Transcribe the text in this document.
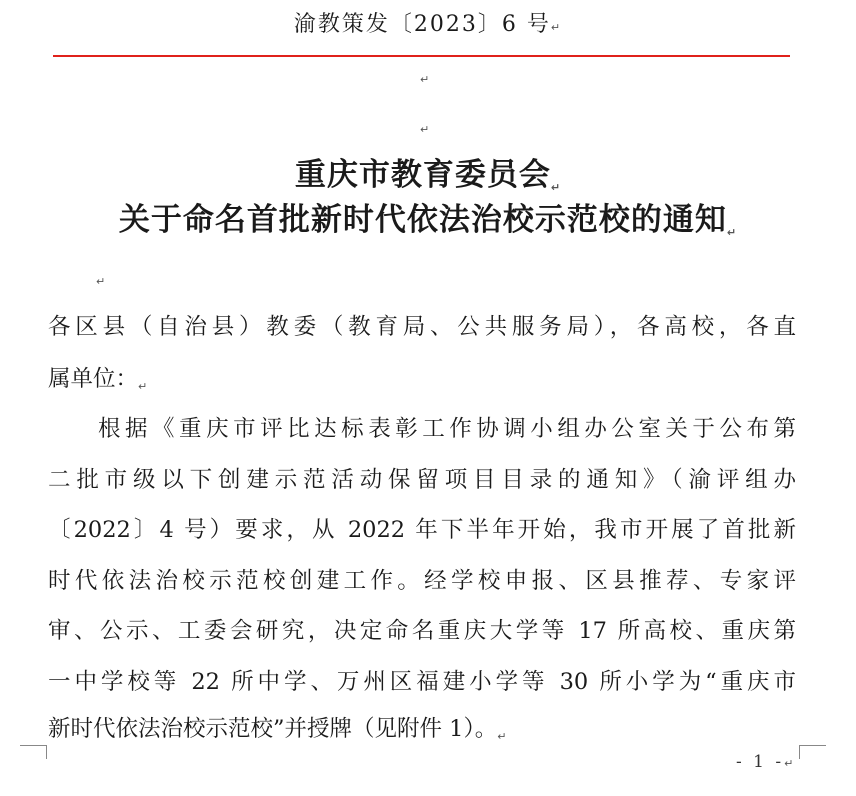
渝教策发〔2023〕6 号↵
↵
↵
重庆市教育委员会↵
关于命名首批新时代依法治校示范校的通知↵
↵
各区县（自治县）教委（教育局、公共服务局），各高校，各直
属单位：↵
根据《重庆市评比达标表彰工作协调小组办公室关于公布第
二批市级以下创建示范活动保留项目目录的通知》（渝评组办
〔2022〕4 号）要求，从 2022 年下半年开始，我市开展了首批新
时代依法治校示范校创建工作。经学校申报、区县推荐、专家评
审、公示、工委会研究，决定命名重庆大学等 17 所高校、重庆第
一中学校等 22 所中学、万州区福建小学等 30 所小学为“重庆市
新时代依法治校示范校”并授牌（见附件 1）。↵
- 1 -↵
